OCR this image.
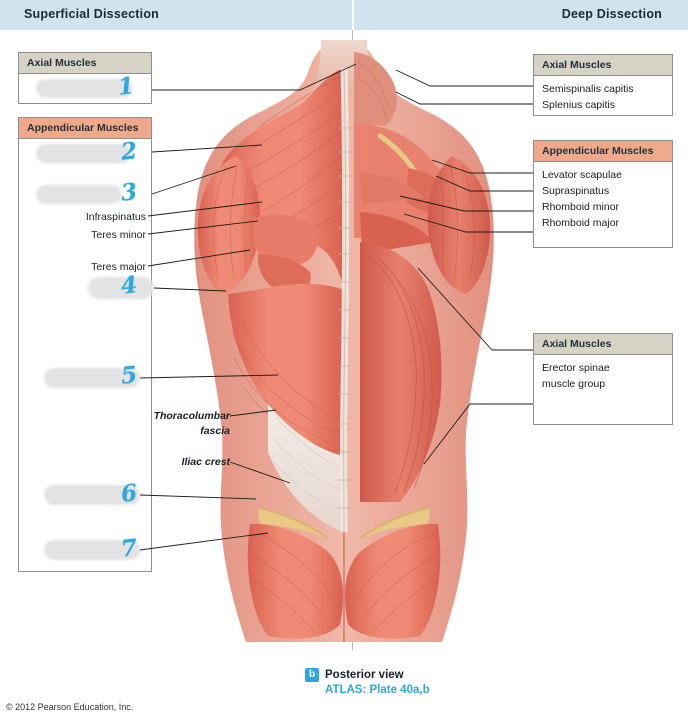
Superficial Dissection	Deep Dissection
Axial Muscles

Appendicular Muscles
1
2
3
4
5
6
7
Axial Muscles
Semispinalis capitis
Splenius capitis
Appendicular Muscles
Levator scapulae
Supraspinatus
Rhomboid minor
Rhomboid major
Axial Muscles
Erector spinae
muscle group
Infraspinatus
Teres minor
Teres major
Thoracolumbar
fascia
Iliac crest
b Posterior view
ATLAS: Plate 40a,b
© 2012 Pearson Education, Inc.
